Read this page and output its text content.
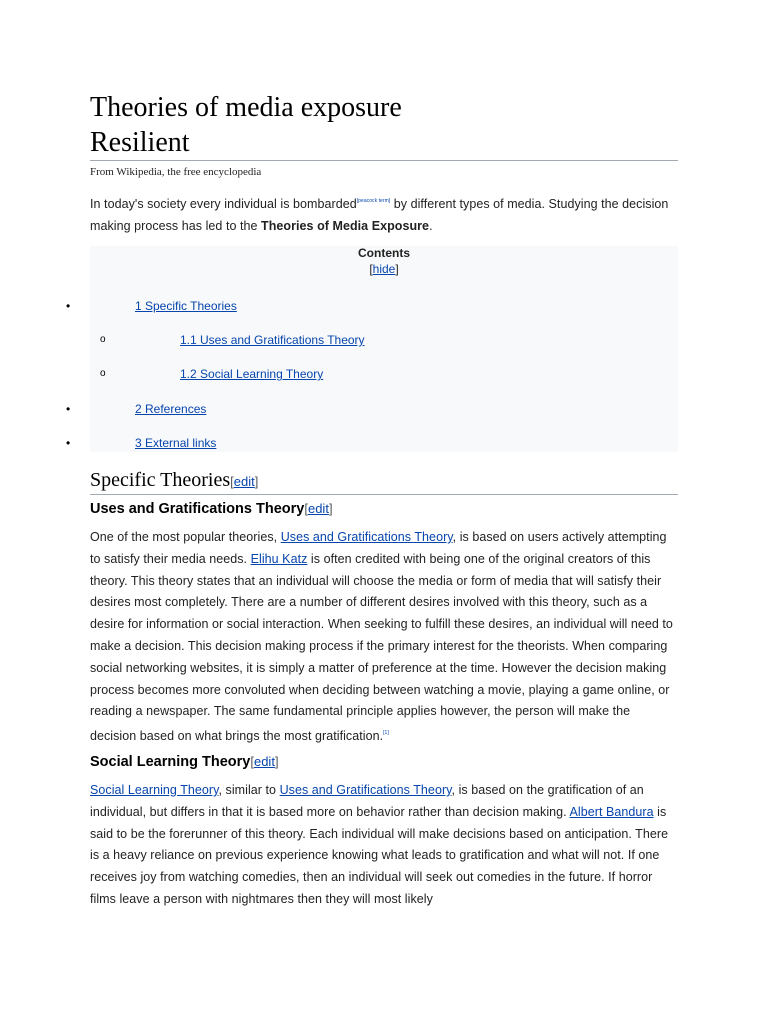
Theories of media exposure
Resilient
From Wikipedia, the free encyclopedia

In today's society every individual is bombarded[peacock term] by different types of media. Studying the decision making process has led to the Theories of Media Exposure.

Contents
[hide]
•	1 Specific Theories
o	1.1 Uses and Gratifications Theory
o	1.2 Social Learning Theory
•	2 References
•	3 External links
Specific Theories[edit]
Uses and Gratifications Theory[edit]

One of the most popular theories, Uses and Gratifications Theory, is based on users actively attempting to satisfy their media needs. Elihu Katz is often credited with being one of the original creators of this theory. This theory states that an individual will choose the media or form of media that will satisfy their desires most completely. There are a number of different desires involved with this theory, such as a desire for information or social interaction. When seeking to fulfill these desires, an individual will need to make a decision. This decision making process if the primary interest for the theorists. When comparing social networking websites, it is simply a matter of preference at the time. However the decision making process becomes more convoluted when deciding between watching a movie, playing a game online, or reading a newspaper. The same fundamental principle applies however, the person will make the decision based on what brings the most gratification.[1]

Social Learning Theory[edit]

Social Learning Theory, similar to Uses and Gratifications Theory, is based on the gratification of an individual, but differs in that it is based more on behavior rather than decision making. Albert Bandura is said to be the forerunner of this theory. Each individual will make decisions based on anticipation. There is a heavy reliance on previous experience knowing what leads to gratification and what will not. If one receives joy from watching comedies, then an individual will seek out comedies in the future. If horror films leave a person with nightmares then they will most likely
